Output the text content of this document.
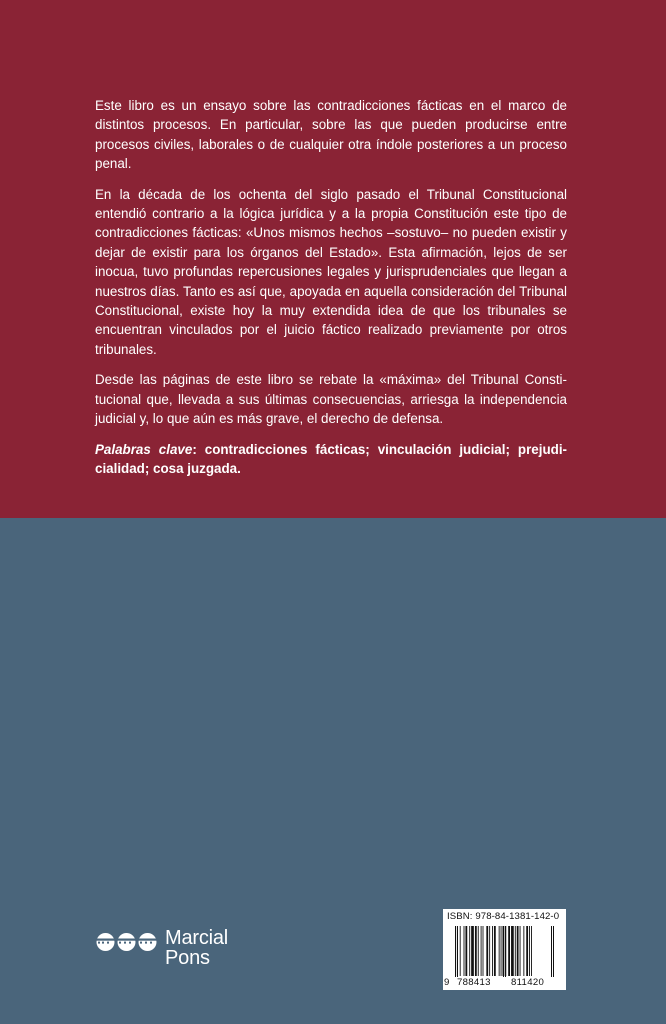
Este libro es un ensayo sobre las contradicciones fácticas en el marco de distintos procesos. En particular, sobre las que pueden producirse entre procesos civiles, laborales o de cualquier otra índole posteriores a un proceso penal.

En la década de los ochenta del siglo pasado el Tribunal Constitucional entendió contrario a la lógica jurídica y a la propia Constitución este tipo de contradicciones fácticas: «Unos mismos hechos –sostuvo– no pueden existir y dejar de existir para los órganos del Estado». Esta afirmación, lejos de ser inocua, tuvo profundas repercusiones legales y jurisprudenciales que llegan a nuestros días. Tanto es así que, apoyada en aquella consideración del Tribunal Constitucional, existe hoy la muy extendida idea de que los tribunales se encuentran vinculados por el juicio fáctico realizado previamente por otros tribunales.

Desde las páginas de este libro se rebate la «máxima» del Tribunal Constitucional que, llevada a sus últimas consecuencias, arriesga la independencia judicial y, lo que aún es más grave, el derecho de defensa.

Palabras clave: contradicciones fácticas; vinculación judicial; prejudicialidad; cosa juzgada.

Marcial
Pons
ISBN: 978-84-1381-142-0
9 788413 811420
